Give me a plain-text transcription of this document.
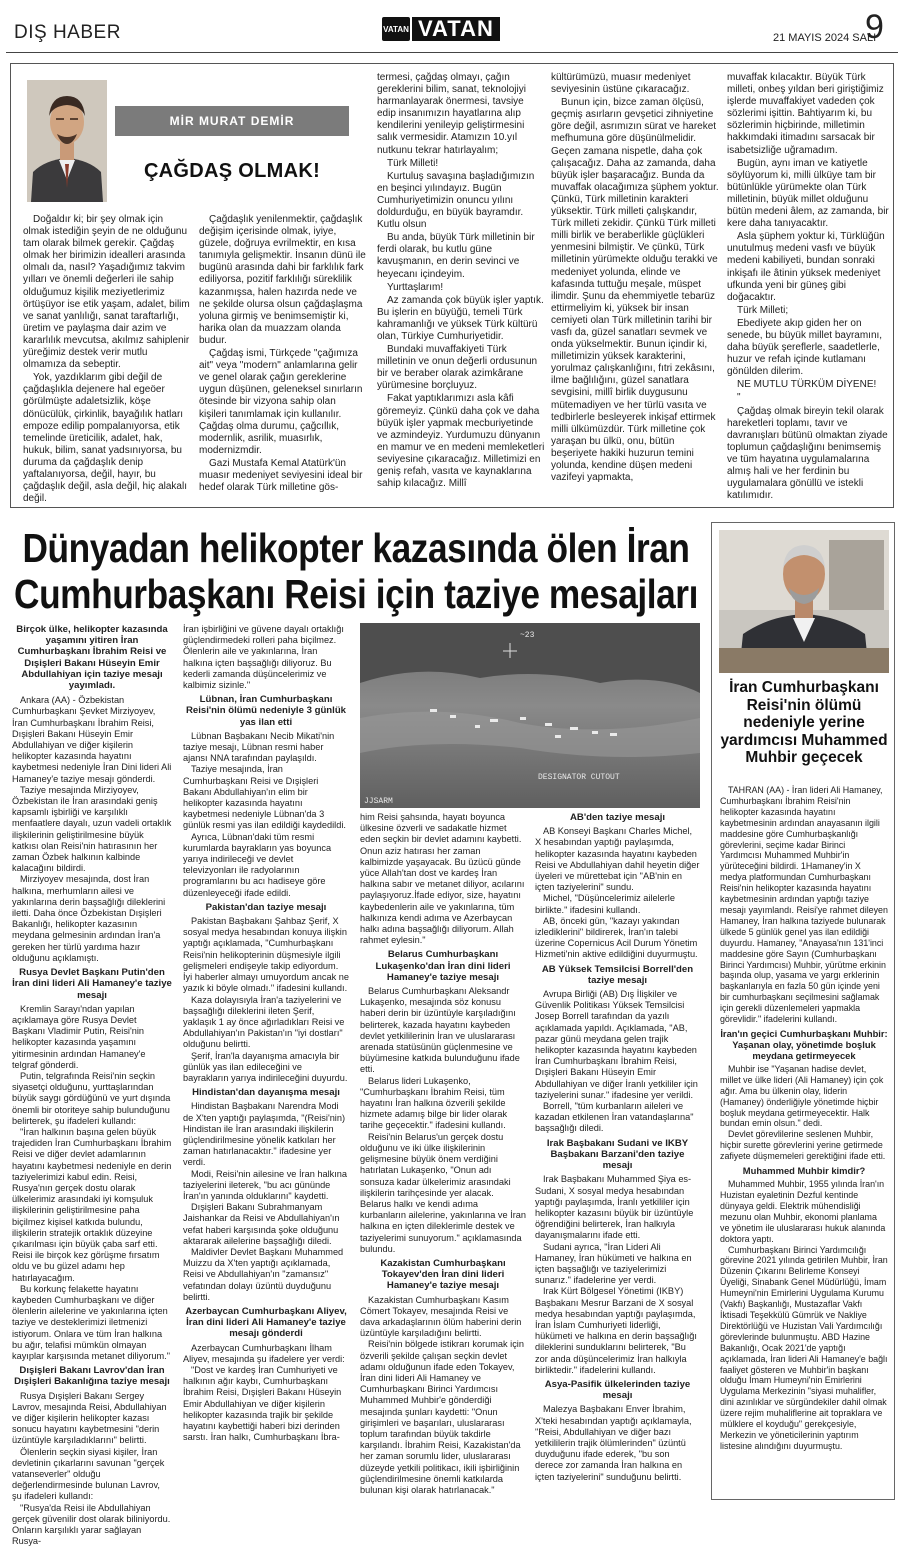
DIŞ HABER	VATAN VATAN	21 MAYIS 2024 SALI
9
MİR MURAT DEMİR
ÇAĞDAŞ OLMAK!

Doğaldır ki; bir şey olmak için olmak istediğin şeyin de ne olduğunu tam olarak bilmek gerekir. Çağdaş olmak her birimizin idealleri arasında olmalı da, nasıl? Yaşadığımız takvim yılları ve önemli değerleri ile sahip olduğumuz kişilik meziyetlerimiz örtüşüyor ise etik yaşam, adalet, bilim ve sanat yanlılığı, sanat taraftarlığı, üretim ve paylaşma dair azim ve kararlılık mevcutsa, akılmız sahiplenir yüreğimiz destek verir mutlu olmamıza da sebeptir.

Yok, yazdıklarım gibi değil de çağdaşlıkla dejenere hal egeöer görülmüşte adaletsizlik, köşe dönücülük, çirkinlik, bayağılık hatları empoze edilip pompalanıyorsa, etik temelinde üreticilik, adalet, hak, hukuk, bilim, sanat yadsınıyorsa, bu duruma da çağdaşlık deniр yaftalanıyorsa, değil, hayır, bu çağdaşlık değil, asla değil, hiç alakalı değil.

Çağdaşlık yenilenmektir, çağdaşlık değişim içerisinde olmak, iyiye, güzele, doğruya evrilmektir, en kısa tanımıyla gelişmektir. İnsanın dünü ile bugünü arasında dahi bir farklılık fark ediliyorsa, pozitif farklılığı süreklilik kazanmışsa, halen hazırda nede ve ne şekilde olursa olsun çağdaşlaşma yoluna girmiş ve benimsemiştir ki, harika olan da muazzam olanda budur.

Çağdaş ismi, Türkçede "çağımıza ait" veya "modern" anlamlarına gelir ve genel olarak çağın gereklerine uygun düşünen, geleneksel sınırların ötesinde bir vizyona sahip olan kişileri tanımlamak için kullanılır. Çağdaş olma durumu, çağcıllık, modernlik, asrilik, muasırlık, modernizmdir.

Gazi Mustafa Kemal Atatürk'ün muasır medeniyet seviyesini ideal bir hedef olarak Türk milletine gös-

termesi, çağdaş olmayı, çağın gereklerini bilim, sanat, teknolojiyi harmanlayarak önermesi, tavsiye edip insanımızın hayatlarına alıp kendilerini yenileyip geliştirmesini salık vermesidir. Atamızın 10.yıl nutkunu tekrar hatırlayalım;

Türk Milleti!

Kurtuluş savaşına başladığımızın en beşinci yılındayız. Bugün Cumhuriyetimizin onuncu yılını doldurduğu, en büyük bayramdır. Kutlu olsun

Bu anda, büyük Türk milletinin bir ferdi olarak, bu kutlu güne kavuşmanın, en derin sevinci ve heyecanı içindeyim.

Yurttaşlarım!

Az zamanda çok büyük işler yaptık. Bu işlerin en büyüğü, temeli Türk kahramanlığı ve yüksek Türk kültürü olan, Türkiye Cumhuriyetidir.

Bundaki muvaffakiyeti Türk milletinin ve onun değerli ordusunun bir ve beraber olarak azimkârane yürümesine borçluyuz.

Fakat yaptıklarımızı asla kâfi göremeyiz. Çünkü daha çok ve daha büyük işler yapmak mecburiyetinde ve azmindeyiz. Yurdumuzu dünyanın en mamur ve en medeni memleketleri seviyesine çıkaracağız. Milletimizi en geniş refah, vasıta ve kaynaklarına sahip kılacağız. Millî

kültürümüzü, muasır medeniyet seviyesinin üstüne çıkaracağız.

Bunun için, bizce zaman ölçüsü, geçmiş asırların gevşetici zihniyetine göre değil, asrımızın sürat ve hareket mefhumuna göre düşünülmelidir. Geçen zamana nispetle, daha çok çalışacağız. Daha az zamanda, daha büyük işler başaracağız. Bunda da muvaffak olacağımıza şüphem yoktur. Çünkü, Türk milletinin karakteri yüksektir. Türk milleti çalışkandır, Türk milleti zekidir. Çünkü Türk milleti milli birlik ve beraberlikle güçlükleri yenmesini bilmiştir. Ve çünkü, Türk milletinin yürümekte olduğu terakki ve medeniyet yolunda, elinde ve kafasında tuttuğu meşale, müspet ilimdir. Şunu da ehemmiyetle tebarüz ettirmeliyim ki, yüksek bir insan cemiyeti olan Türk milletinin tarihi bir vasfı da, güzel sanatları sevmek ve onda yükselmektir. Bunun içindir ki, milletimizin yüksek karakterini, yorulmaz çalışkanlığını, fıtri zekâsını, ilme bağlılığını, güzel sanatlara sevgisini, millî birlik duygusunu mütemadiyen ve her türlü vasıta ve tedbirlerle besleyerek inkişaf ettirmek milli ülkümüzdür. Türk milletine çok yaraşan bu ülkü, onu, bütün beşeriyete hakiki huzurun temini yolunda, kendine düşen medeni vazifeyi yapmakta,

muvaffak kılacaktır. Büyük Türk milleti, onbeş yıldan beri giriştiğimiz işlerde muvaffakiyet vadeden çok sözlerimi işittin. Bahtiyarım ki, bu sözlerimin hiçbirinde, milletimin hakkımdaki itimadını sarsacak bir isabetsizliğe uğramadım.

Bugün, aynı iman ve katiyetle söylüyorum ki, milli ülküye tam bir bütünlükle yürümekte olan Türk milletinin, büyük millet olduğunu bütün medeni âlem, az zamanda, bir kere daha tanıyacaktır.

Asla şüphem yoktur ki, Türklüğün unutulmuş medeni vasfı ve büyük medeni kabiliyeti, bundan sonraki inkişafı ile âtinin yüksek medeniyet ufkunda yeni bir güneş gibi doğacaktır.

Türk Milleti;

Ebediyete akıp giden her on senede, bu büyük millet bayramını, daha büyük şereflerle, saadetlerle, huzur ve refah içinde kutlamanı gönülden dilerim.

NE MUTLU TÜRKÜM DİYENE!

"

Çağdaş olmak bireyin tekil olarak hareketleri toplamı, tavır ve davranışları bütünü olmaktan ziyade toplumun çağdaşlığını benimsemiş ve tüm hayatına uygulamalarına almış hali ve her ferdinin bu uygulamalara gönüllü ve istekli katılımıdır.

Dünyadan helikopter kazasında ölen İran
Cumhurbaşkanı Reisi için taziye mesajları
~23
JJSARM
DESIGNATOR CUTOUT

Birçok ülke, helikopter kazasında yaşamını yitiren İran Cumhurbaşkanı İbrahim Reisi ve Dışişleri Bakanı Hüseyin Emir Abdullahiyan için taziye mesajı yayımladı.

Ankara (AA) - Özbekistan Cumhurbaşkanı Şevket Mirziyoyev, İran Cumhurbaşkanı İbrahim Reisi, Dışişleri Bakanı Hüseyin Emir Abdullahiyan ve diğer kişilerin helikopter kazasında hayatını kaybetmesi nedeniyle İran Dini lideri Ali Hamaney'e taziye mesajı gönderdi.

Taziye mesajında Mirziyoyev, Özbekistan ile İran arasındaki geniş kapsamlı işbirliği ve karşılıklı menfaatlere dayalı, uzun vadeli ortaklık ilişkilerinin geliştirilmesine büyük katkısı olan Reisi'nin hatırasının her zaman Özbek halkının kalbinde kalacağını bildirdi.

Mirziyoyev mesajında, dost İran halkına, merhumların ailesi ve yakınlarına derin başsağlığı dileklerini iletti. Daha önce Özbekistan Dışişleri Bakanlığı, helikopter kazasının meydana gelmesinin ardından İran'a gereken her türlü yardıma hazır olduğunu açıklamıştı.

Rusya Devlet Başkanı Putin'den İran dini lideri Ali Hamaney'e taziye mesajı

Kremlin Sarayı'ndan yapılan açıklamaya göre Rusya Devlet Başkanı Vladimir Putin, Reisi'nin helikopter kazasında yaşamını yitirmesinin ardından Hamaney'e telgraf gönderdi.

Putin, telgrafında Reisi'nin seçkin siyasetçi olduğunu, yurttaşlarından büyük saygı gördüğünü ve yurt dışında önemli bir otoriteye sahip bulunduğunu belirterek, şu ifadeleri kullandı:

"İran halkının başına gelen büyük trajediden İran Cumhurbaşkanı İbrahim Reisi ve diğer devlet adamlarının hayatını kaybetmesi nedeniyle en derin taziyelerimizi kabul edin. Reisi, Rusya'nın gerçek dostu olarak ülkelerimiz arasındaki iyi komşuluk ilişkilerinin geliştirilmesine paha biçilmez kişisel katkıda bulundu, ilişkilerin stratejik ortaklık düzeyine çıkarılması için büyük çaba sarf etti. Reisi ile birçok kez görüşme fırsatım oldu ve bu güzel adamı hep hatırlayacağım.

Bu korkunç felakette hayatını kaybeden Cumhurbaşkanı ve diğer ölenlerin ailelerine ve yakınlarına içten taziye ve desteklerimizi iletmenizi istiyorum. Onlara ve tüm İran halkına bu ağır, telafisi mümkün olmayan kayıplar karşısında metanet diliyorum."

Dışişleri Bakanı Lavrov'dan İran Dışişleri Bakanlığına taziye mesajı

Rusya Dışişleri Bakanı Sergey Lavrov, mesajında Reisi, Abdullahiyan ve diğer kişilerin helikopter kazası sonucu hayatını kaybetmesini "derin üzüntüyle karşıladıklarını" belirtti.

Ölenlerin seçkin siyasi kişiler, İran devletinin çıkarlarını savunan "gerçek vatanseverler" olduğu değerlendirmesinde bulunan Lavrov, şu ifadeleri kullandı:

"Rusya'da Reisi ile Abdullahiyan gerçek güvenilir dost olarak biliniyordu. Onların karşılıklı yarar sağlayan Rusya-

İran işbirliğini ve güvene dayalı ortaklığı güçlendirmedeki rolleri paha biçilmez. Ölenlerin aile ve yakınlarına, İran halkına içten başsağlığı diliyoruz. Bu kederli zamanda düşüncelerimiz ve kalbimiz sizinle."

Lübnan, İran Cumhurbaşkanı Reisi'nin ölümü nedeniyle 3 günlük yas ilan etti

Lübnan Başbakanı Necib Mikati'nin taziye mesajı, Lübnan resmi haber ajansı NNA tarafından paylaşıldı.

Taziye mesajında, İran Cumhurbaşkanı Reisi ve Dışişleri Bakanı Abdullahiyan'ın elim bir helikopter kazasında hayatını kaybetmesi nedeniyle Lübnan'da 3 günlük resmi yas ilan edildiği kaydedildi.

Ayrıca, Lübnan'daki tüm resmi kurumlarda bayrakların yas boyunca yarıya indirileceği ve devlet televizyonları ile radyolarının programlarını bu acı hadiseye göre düzenleyeceği ifade edildi.

Pakistan'dan taziye mesajı

Pakistan Başbakanı Şahbaz Şerif, X sosyal medya hesabından konuya ilişkin yaptığı açıklamada, "Cumhurbaşkanı Reisi'nin helikopterinin düşmesiyle ilgili gelişmeleri endişeyle takip ediyordum. İyi haberler almayı umuyordum ancak ne yazık ki böyle olmadı." ifadesini kullandı.

Kaza dolayısıyla İran'a taziyelerini ve başsağlığı dileklerini ileten Şerif, yaklaşık 1 ay önce ağırladıkları Reisi ve Abdullahiyan'ın Pakistan'ın "iyi dostları" olduğunu belirtti.

Şerif, İran'la dayanışma amacıyla bir günlük yas ilan edileceğini ve bayrakların yarıya indirileceğini duyurdu.

Hindistan'dan dayanışma mesajı

Hindistan Başbakanı Narendra Modi de X'ten yaptığı paylaşımda, "(Reisi'nin) Hindistan ile İran arasındaki ilişkilerin güçlendirilmesine yönelik katkıları her zaman hatırlanacaktır." ifadesine yer verdi.

Modi, Reisi'nin ailesine ve İran halkına taziyelerini ileterek, "bu acı gününde İran'ın yanında olduklarını" kaydetti.

Dışişleri Bakanı Subrahmanyam Jaishankar da Reisi ve Abdullahiyan'ın vefat haberi karşısında şoke olduğunu aktararak ailelerine başsağlığı diledi.

Maldivler Devlet Başkanı Muhammed Muizzu da X'ten yaptığı açıklamada, Reisi ve Abdullahiyan'ın "zamansız" vefatından dolayı üzüntü duyduğunu belirtti.

Azerbaycan Cumhurbaşkanı Aliyev, İran dini lideri Ali Hamaney'e taziye mesajı gönderdi

Azerbaycan Cumhurbaşkanı İlham Aliyev, mesajında şu ifadelere yer verdi:

"Dost ve kardeş İran Cumhuriyeti ve halkının ağır kaybı, Cumhurbaşkanı İbrahim Reisi, Dışişleri Bakanı Hüseyin Emir Abdullahiyan ve diğer kişilerin helikopter kazasında trajik bir şekilde hayatını kaybettiği haberi bizi derinden sarstı. İran halkı, Cumhurbaşkanı İbra-

him Reisi şahsında, hayatı boyunca ülkesine özverli ve sadakatle hizmet eden seçkin bir devlet adamını kaybetti. Onun aziz hatırası her zaman kalbimizde yaşayacak. Bu üzücü günde yüce Allah'tan dost ve kardeş İran halkına sabır ve metanet diliyor, acılarını paylaşıyoruz.İfade ediyor, size, hayatını kaybedenlerin aile ve yakınlarına, tüm halkınıza kendi adıma ve Azerbaycan halkı adına başsağlığı diliyorum. Allah rahmet eylesin."

Belarus Cumhurbaşkanı Lukaşenko'dan İran dini lideri Hamaney'e taziye mesajı

Belarus Cumhurbaşkanı Aleksandr Lukaşenko, mesajında söz konusu haberi derin bir üzüntüyle karşıladığını belirterek, kazada hayatını kaybeden devlet yetkililerinin İran ve uluslararası arenada statüsünün güçlenmesine ve büyümesine katkıda bulunduğunu ifade etti.

Belarus lideri Lukaşenko, "Cumhurbaşkanı İbrahim Reisi, tüm hayatını İran halkına özverili şekilde hizmete adamış bilge bir lider olarak tarihe geçecektir." ifadesini kullandı.

Reisi'nin Belarus'un gerçek dostu olduğunu ve iki ülke ilişkilerinin gelişmesine büyük önem verdiğini hatırlatan Lukaşenko, "Onun adı sonsuza kadar ülkelerimiz arasındaki ilişkilerin tarihçesinde yer alacak. Belarus halkı ve kendi adıma kurbanların ailelerine, yakınlarına ve İran halkına en içten dileklerimle destek ve taziyelerimi sunuyorum." açıklamasında bulundu.

Kazakistan Cumhurbaşkanı Tokayev'den İran dini lideri Hamaney'e taziye mesajı

Kazakistan Cumhurbaşkanı Kasım Cömert Tokayev, mesajında Reisi ve dava arkadaşlarının ölüm haberini derin üzüntüyle karşıladığını belirtti.

Reisi'nin bölgede istikrarı korumak için özverili şekilde çalışan seçkin devlet adamı olduğunun ifade eden Tokayev, İran dini lideri Ali Hamaney ve Cumhurbaşkanı Birinci Yardımcısı Muhammed Muhbir'e gönderdiği mesajında şunları kaydetti: "Onun girişimleri ve başarıları, uluslararası toplum tarafından büyük takdirle karşılandı. İbrahim Reisi, Kazakistan'da her zaman sorumlu lider, uluslararası düzeyde yetkili politikacı, ikili işbirliğinin güçlendirilmesine önemli katkılarda bulunan kişi olarak hatırlanacak."

AB'den taziye mesajı

AB Konseyi Başkanı Charles Michel, X hesabından yaptığı paylaşımda, helikopter kazasında hayatını kaybeden Reisi ve Abdullahiyan dahil heyetin diğer üyeleri ve mürettebat için "AB'nin en içten taziyelerini" sundu.

Michel, "Düşüncelerimiz ailelerle birlikte." ifadesini kullandı.

AB, önceki gün, "kazayı yakından izlediklerini" bildirerek, İran'ın talebi üzerine Copernicus Acil Durum Yönetim Hizmeti'nin aktive edildiğini duyurmuştu.

AB Yüksek Temsilcisi Borrell'den taziye mesajı

Avrupa Birliği (AB) Dış İlişkiler ve Güvenlik Politikası Yüksek Temsilcisi Josep Borrell tarafından da yazılı açıklamada yapıldı. Açıklamada, "AB, pazar günü meydana gelen trajik helikopter kazasında hayatını kaybeden İran Cumhurbaşkanı İbrahim Reisi, Dışişleri Bakanı Hüseyin Emir Abdullahiyan ve diğer İranlı yetkililer için taziyelerini sunar." ifadesine yer verildi.

Borrell, "tüm kurbanların aileleri ve kazadan etkilenen İran vatandaşlarına" başsağlığı diledi.

Irak Başbakanı Sudani ve IKBY Başbakanı Barzani'den taziye mesajı

Irak Başbakanı Muhammed Şiya es-Sudani, X sosyal medya hesabından yaptığı paylaşımda, İranlı yetkililer için helikopter kazasını büyük bir üzüntüyle öğrendiğini belirterek, İran halkıyla dayanışmalarını ifade etti.

Sudani ayrıca, "İran Lideri Ali Hamaney, İran hükümeti ve halkına en içten başsağlığı ve taziyelerimizi sunarız." ifadelerine yer verdi.

Irak Kürt Bölgesel Yönetimi (IKBY) Başbakanı Mesrur Barzani de X sosyal medya hesabından yaptığı paylaşımda, İran İslam Cumhuriyeti liderliği, hükümeti ve halkına en derin başsağlığı dileklerini sunduklarını belirterek, "Bu zor anda düşüncelerimiz İran halkıyla birliktedir." ifadelerini kullandı.

Asya-Pasifik ülkelerinden taziye mesajı

Malezya Başbakanı Enver İbrahim, X'teki hesabından yaptığı açıklamayla, "Reisi, Abdullahiyan ve diğer bazı yetkililerin trajik ölümlerinden" üzüntü duyduğunu ifade ederek, "bu son derece zor zamanda İran halkına en içten taziyelerini" sunduğunu belirtti.

İran Cumhurbaşkanı Reisi'nin ölümü nedeniyle yerine yardımcısı Muhammed Muhbir geçecek

TAHRAN (AA) - İran lideri Ali Hamaney, Cumhurbaşkanı İbrahim Reisi'nin helikopter kazasında hayatını kaybetmesinin ardından anayasanın ilgili maddesine göre Cumhurbaşkanlığı görevlerini, seçime kadar Birinci Yardımcısı Muhammed Muhbir'in yürüteceğini bildirdi. 1Hamaney'in X medya platformundan Cumhurbaşkanı Reisi'nin helikopter kazasında hayatını kaybetmesinin ardından yaptığı taziye mesajı yayımlandı. Reisi'ye rahmet dileyen Hamaney, İran halkına taziyede bulunarak ülkede 5 günlük genel yas ilan edildiği duyurdu. Hamaney, "Anayasa'nın 131'inci maddesine göre Sayın (Cumhurbaşkanı Birinci Yardımcısı) Muhbir, yürütme erkinin başında olup, yasama ve yargı erklerinin başkanlarıyla en fazla 50 gün içinde yeni bir cumhurbaşkanı seçilmesini sağlamak için gerekli düzenlemeleri yapmakla görevlidir." ifadelerini kullandı.

İran'ın geçici Cumhurbaşkanı Muhbir: Yaşanan olay, yönetimde boşluk meydana getirmeyecek

Muhbir ise "Yaşanan hadise devlet, millet ve ülke lideri (Ali Hamaney) için çok ağır. Ama bu ülkenin olay, liderin (Hamaney) önderliğiyle yönetimde hiçbir boşluk meydana getirmeyecektir. Halk bundan emin olsun." dedi.

Devlet görevlilerine seslenen Muhbir, hiçbir surette görevlerini yerine getirmede zafiyete düşmemeleri gerektiğini ifade etti.

Muhammed Muhbir kimdir?

Muhammed Muhbir, 1955 yılında İran'ın Huzistan eyaletinin Dezful kentinde dünyaya geldi. Elektrik mühendisliği mezunu olan Muhbir, ekonomi planlama ve yönetim ile uluslararası hukuk alanında doktora yaptı.

Cumhurbaşkanı Birinci Yardımcılığı görevine 2021 yılında getirilen Muhbir, İran Düzenin Çıkarını Belirleme Konseyi Üyeliği, Sinabank Genel Müdürlüğü, İmam Humeyni'nin Emirlerini Uygulama Kurumu (Vakfı) Başkanlığı, Mustazaflar Vakfı İktisadi Teşekkülü Gümrük ve Nakliye Direktörlüğü ve Huzistan Vali Yardımcılığı görevlerinde bulunmuştu. ABD Hazine Bakanlığı, Ocak 2021'de yaptığı açıklamada, İran lideri Ali Hamaney'e bağlı faaliyet gösteren ve Muhbir'in başkanı olduğu İmam Humeyni'nin Emirlerini Uygulama Merkezinin "siyasi muhalifler, dini azınlıklar ve sürgündekiler dahil olmak üzere rejim muhaliflerine ait topraklara ve mülklere el koyduğu" gerekçesiyle, Merkezin ve yöneticilerinin yaptırım listesine alındığını duyurmuştu.
